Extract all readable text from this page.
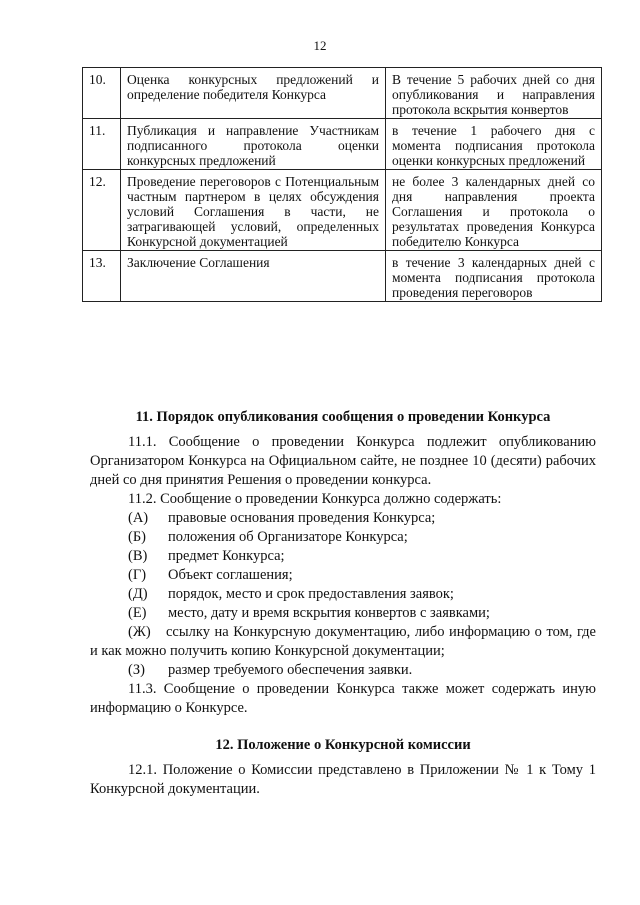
12
10.	Оценка конкурсных предложений и определение победителя Конкурса	В течение 5 рабочих дней со дня опубликования и направления протокола вскрытия конвертов
11.	Публикация и направление Участникам подписанного протокола оценки конкурсных предложений	в течение 1 рабочего дня с момента подписания протокола оценки конкурсных предложений
12.	Проведение переговоров с Потенциальным частным партнером в целях обсуждения условий Соглашения в части, не затрагивающей условий, определенных Конкурсной документацией	не более 3 календарных дней со дня направления проекта Соглашения и протокола о результатах проведения Конкурса победителю Конкурса
13.	Заключение Соглашения	в течение 3 календарных дней с момента подписания протокола проведения переговоров
11. Порядок опубликования сообщения о проведении Конкурса

11.1. Сообщение о проведении Конкурса подлежит опубликованию Организатором Конкурса на Официальном сайте, не позднее 10 (десяти) рабочих дней со дня принятия Решения о проведении конкурса.

11.2. Сообщение о проведении Конкурса должно содержать:

(А)	правовые основания проведения Конкурса;
(Б)	положения об Организаторе Конкурса;
(В)	предмет Конкурса;
(Г)	Объект соглашения;
(Д)	порядок, место и срок предоставления заявок;
(Е)	место, дату и время вскрытия конвертов с заявками;
(Ж) ссылку на Конкурсную документацию, либо информацию о том, где и как можно получить копию Конкурсной документации;
(З)	размер требуемого обеспечения заявки.

11.3. Сообщение о проведении Конкурса также может содержать иную информацию о Конкурсе.

12. Положение о Конкурсной комиссии

12.1. Положение о Комиссии представлено в Приложении № 1 к Тому 1 Конкурсной документации.
